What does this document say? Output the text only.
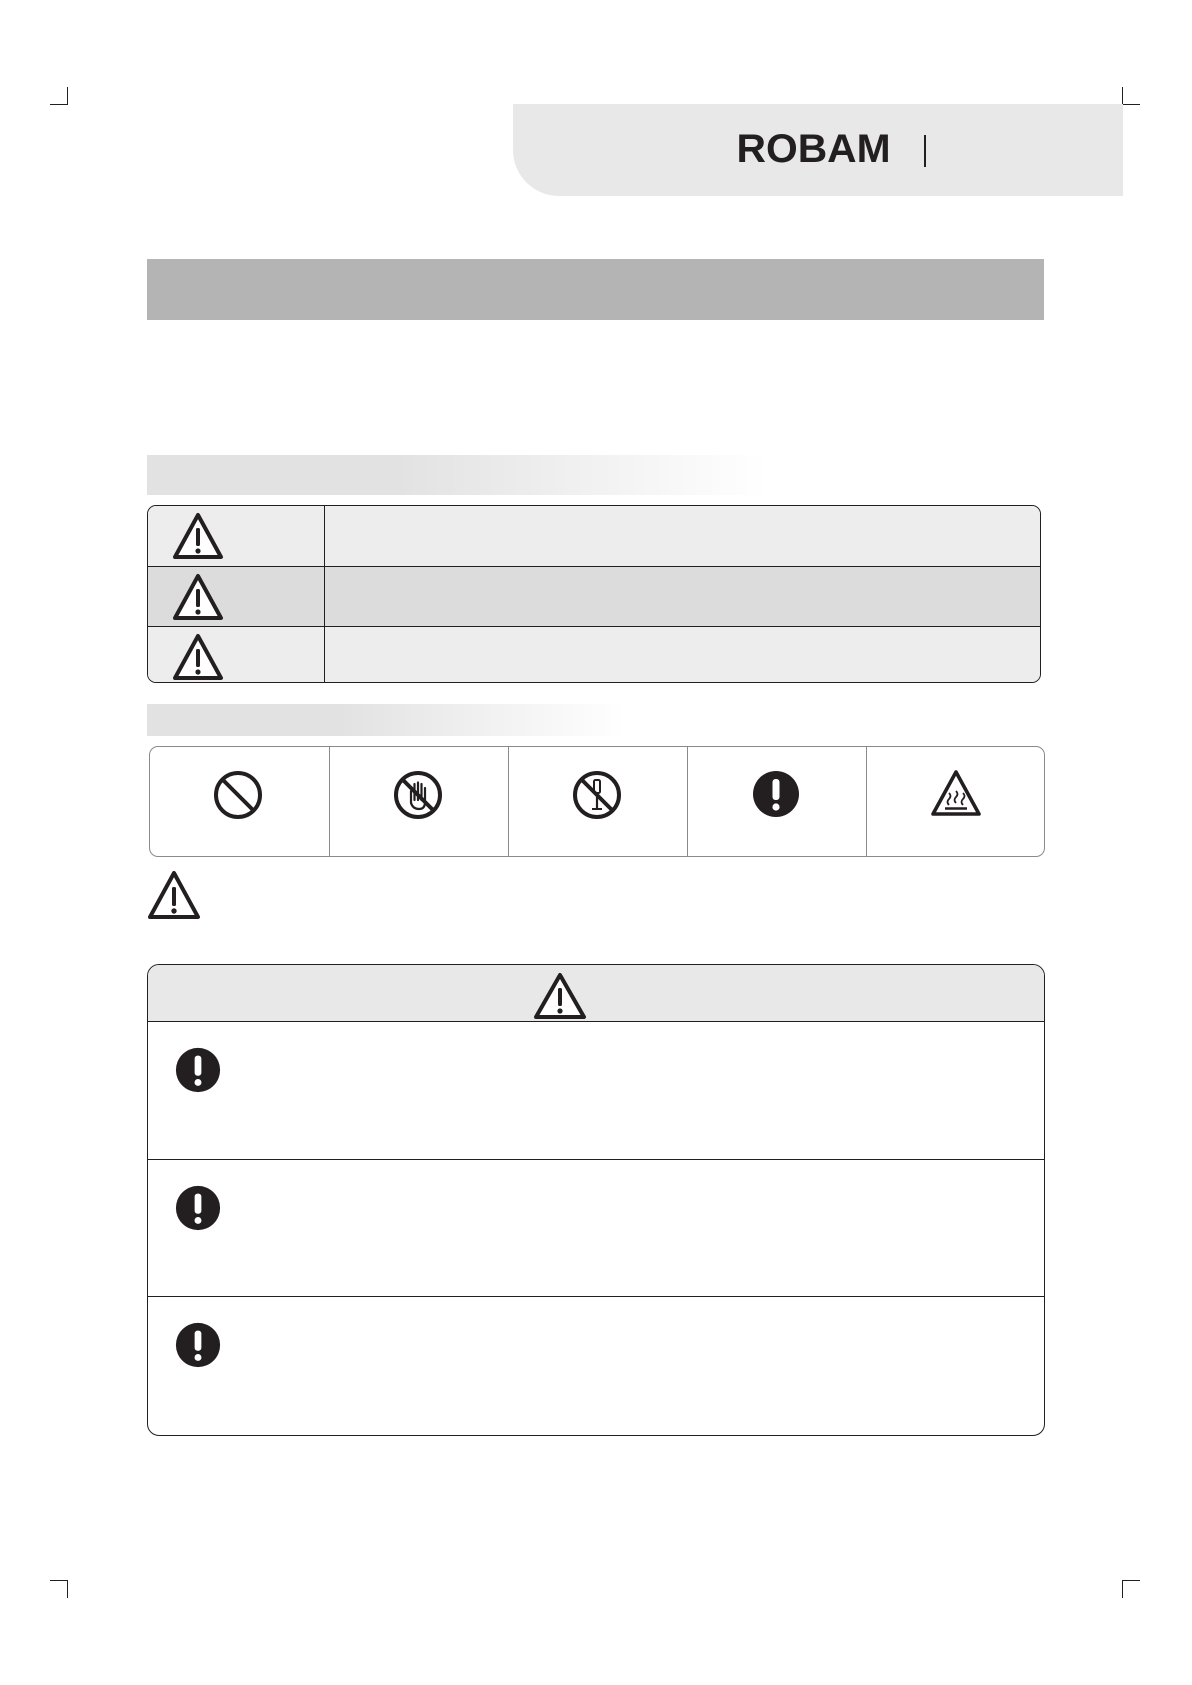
ROBAM
